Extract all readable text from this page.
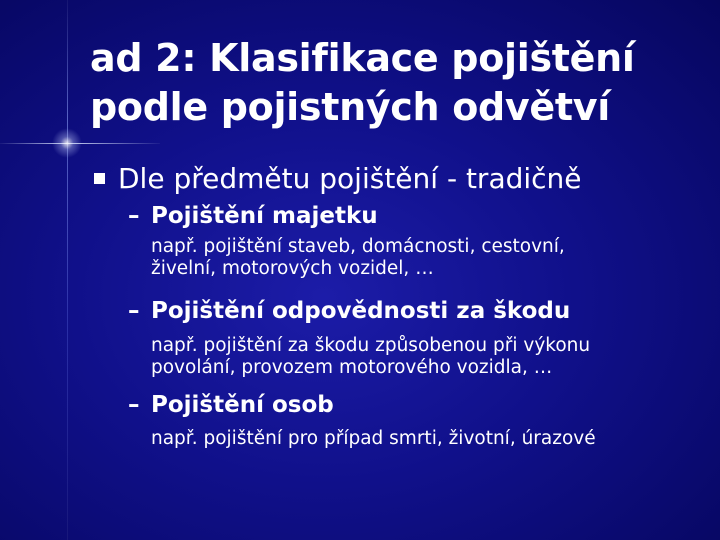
ad 2: Klasifikace pojištění
podle pojistných odvětví
Dle předmětu pojištění - tradičně
– Pojištění majetku
např. pojištění staveb, domácnosti, cestovní,
živelní, motorových vozidel, …
– Pojištění odpovědnosti za škodu
např. pojištění za škodu způsobenou při výkonu
povolání, provozem motorového vozidla, …
– Pojištění osob
např. pojištění pro případ smrti, životní, úrazové
